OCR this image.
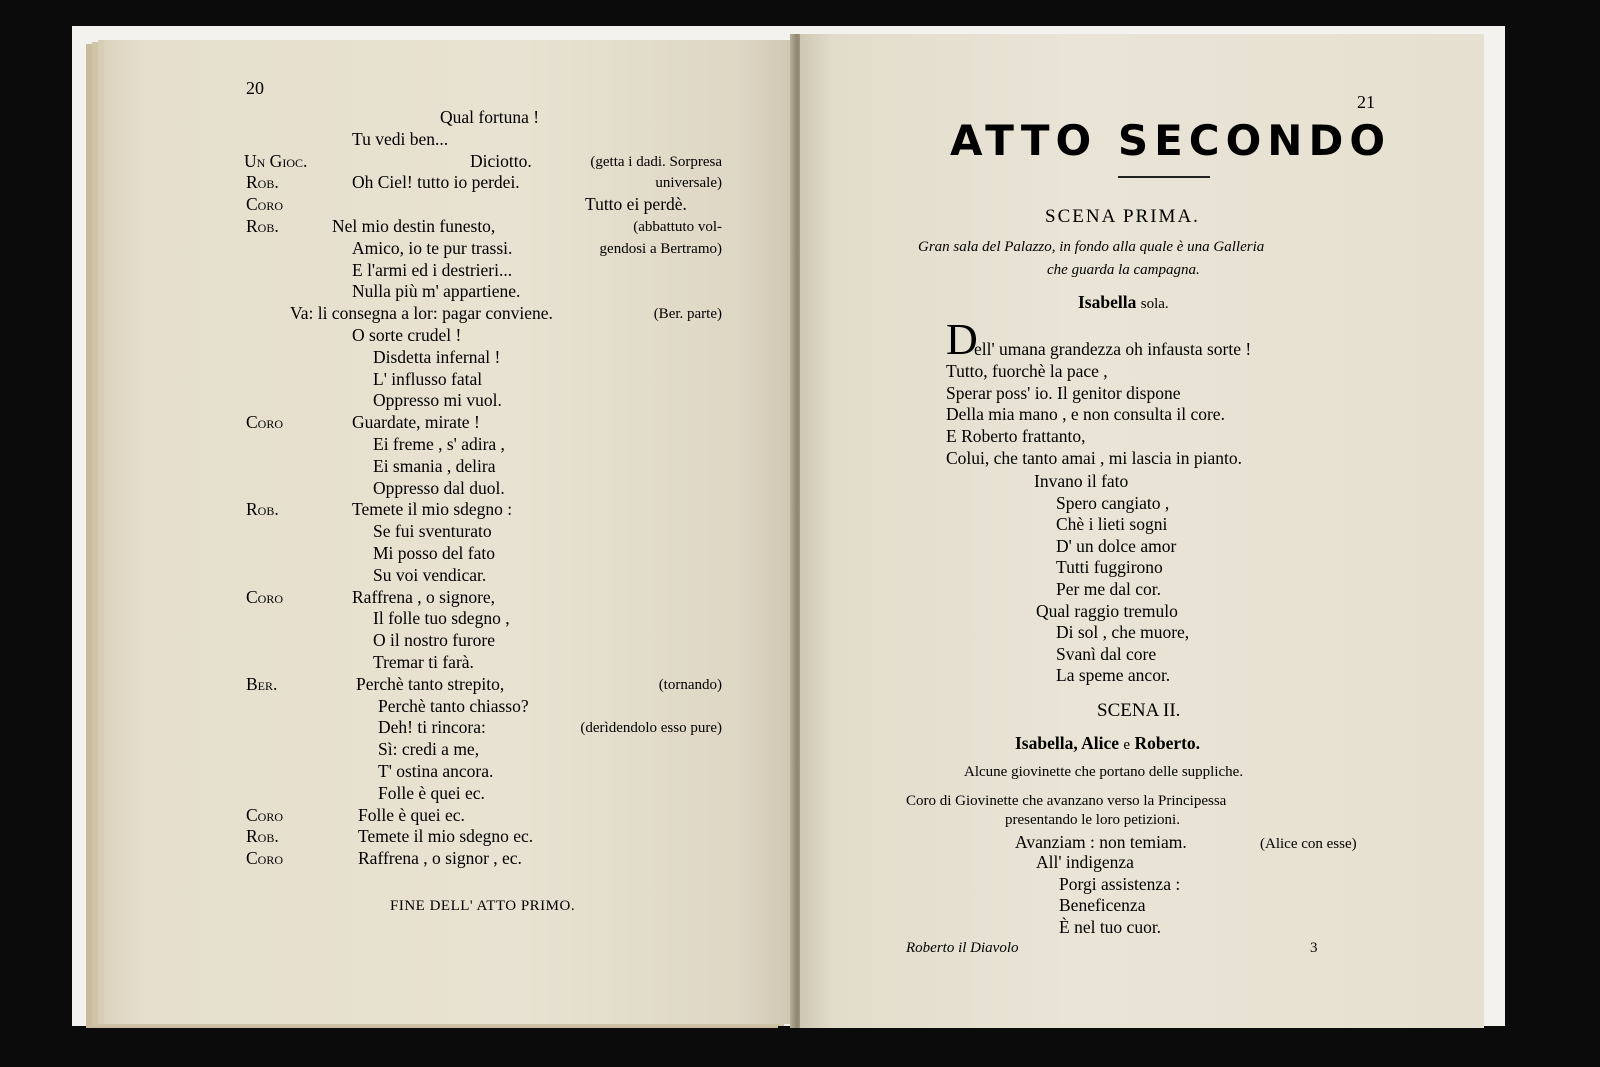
20
Qual fortuna !
Tu vedi ben...
Un Gioc.	Diciotto.	(getta i dadi. Sorpresa
Rob.	Oh Ciel! tutto io perdei.	universale)
Coro	Tutto ei perdè.
Rob.	Nel mio destin funesto,	(abbattuto vol-
Amico, io te pur trassi.	gendosi a Bertramo)
E l'armi ed i destrieri...
Nulla più m' appartiene.
Va: li consegna a lor: pagar conviene.	(Ber. parte)
O sorte crudel !
Disdetta infernal !
L' influsso fatal
Oppresso mi vuol.
Coro	Guardate, mirate !
Ei freme , s' adira ,
Ei smania , delira
Oppresso dal duol.
Rob.	Temete il mio sdegno :
Se fui sventurato
Mi posso del fato
Su voi vendicar.
Coro	Raffrena , o signore,
Il folle tuo sdegno ,
O il nostro furore
Tremar ti farà.
Ber.	Perchè tanto strepito,	(tornando)
Perchè tanto chiasso?
Deh! ti rincora:	(derìdendolo esso pure)
Sì: credi a me,
T' ostina ancora.
Folle è quei ec.
Coro	Folle è quei ec.
Rob.	Temete il mio sdegno ec.
Coro	Raffrena , o signor , ec.
FINE DELL' ATTO PRIMO.
21
ATTO SECONDO
SCENA PRIMA.
Gran sala del Palazzo, in fondo alla quale è una Galleria
che guarda la campagna.
Isabella sola.
D
ell' umana grandezza oh infausta sorte !
Tutto, fuorchè la pace ,
Sperar poss' io. Il genitor dispone
Della mia mano , e non consulta il core.
E Roberto frattanto,
Colui, che tanto amai , mi lascia in pianto.
Invano il fato
Spero cangiato ,
Chè i lieti sogni
D' un dolce amor
Tutti fuggirono
Per me dal cor.
Qual raggio tremulo
Di sol , che muore,
Svanì dal core
La speme ancor.
SCENA II.
Isabella, Alice e Roberto.
Alcune giovinette che portano delle suppliche.
Coro di Giovinette che avanzano verso la Principessa
presentando le loro petizioni.
Avanziam : non temiam.	(Alice con esse)
All' indigenza
Porgi assistenza :
Beneficenza
È nel tuo cuor.
Roberto il Diavolo	3
